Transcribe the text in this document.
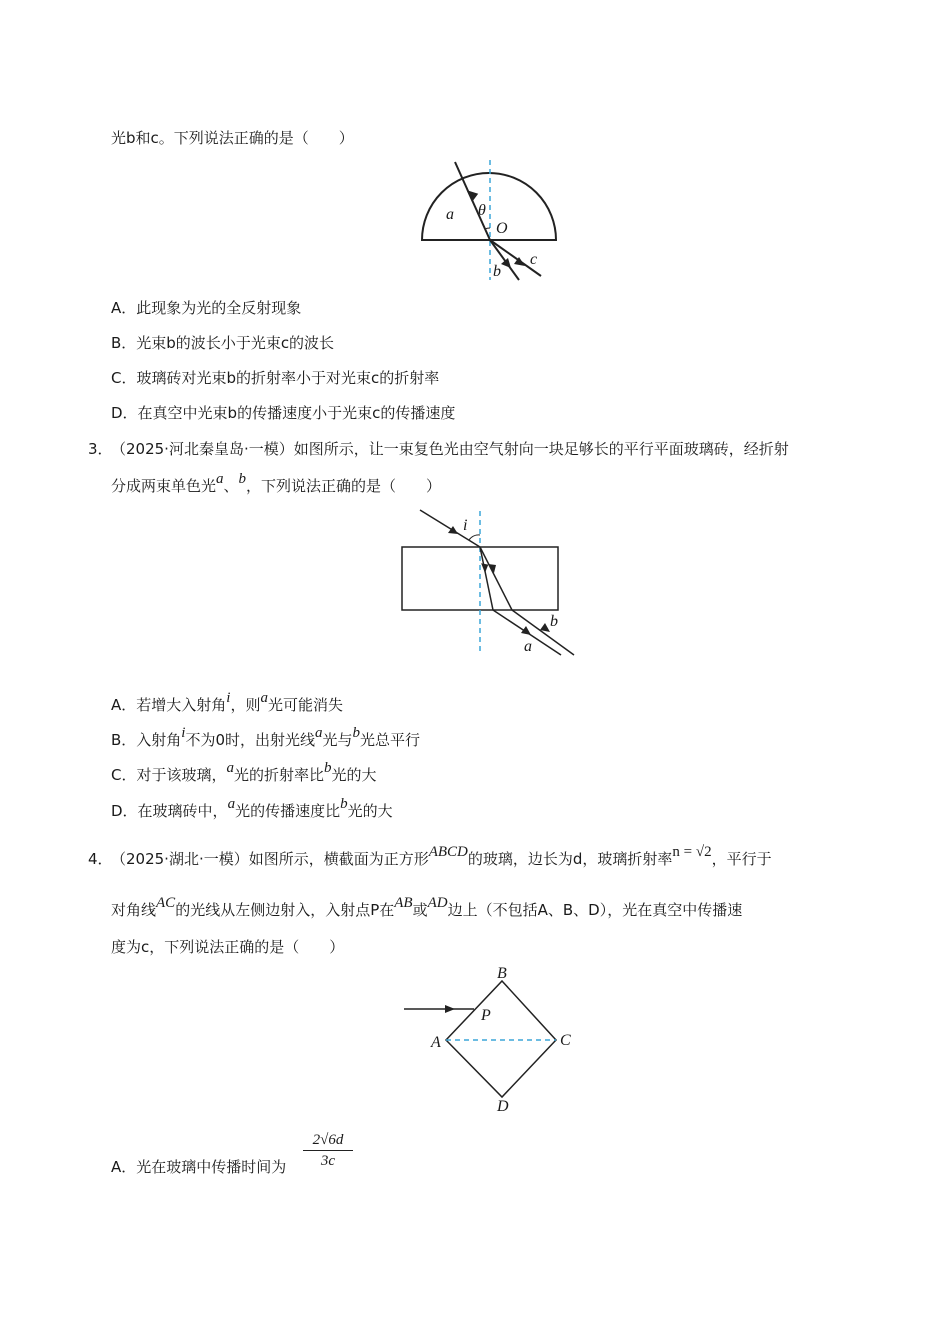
光b和c。下列说法正确的是（　　）
a θ
O
b
c
A．此现象为光的全反射现象
B．光束b的波长小于光束c的波长
C．玻璃砖对光束b的折射率小于对光束c的折射率
D．在真空中光束b的传播速度小于光束c的传播速度
3．
（2025·河北秦皇岛·一模）如图所示，让一束复色光由空气射向一块足够长的平行平面玻璃砖，经折射
分成两束单色光a、b，下列说法正确的是（　　）
i
b
a
A．若增大入射角i，则a光可能消失
B．入射角i不为0时，出射光线a光与b光总平行
C．对于该玻璃，a光的折射率比b光的大
D．在玻璃砖中，a光的传播速度比b光的大
4．
（2025·湖北·一模）如图所示，横截面为正方形ABCD的玻璃，边长为d，玻璃折射率n = √2，平行于
对角线AC的光线从左侧边射入，入射点P在AB或AD边上（不包括A、B、D），光在真空中传播速
度为c，下列说法正确的是（　　）
B
C
A
D
P
A．光在玻璃中传播时间为 $\frac{2√6d}{3c}$
